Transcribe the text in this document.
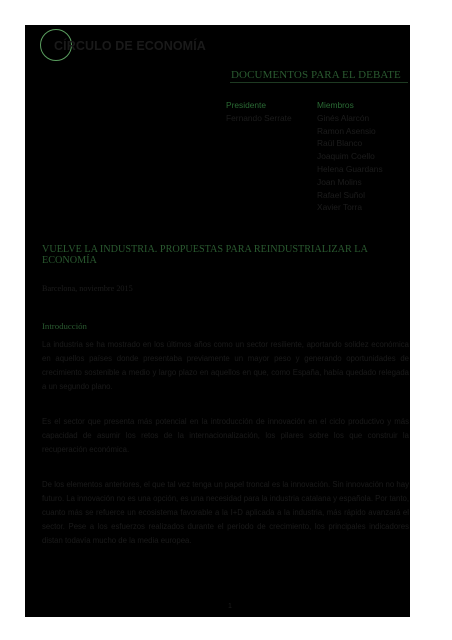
CÍRCULO DE ECONOMÍA
DOCUMENTOS PARA EL DEBATE
Presidente
Fernando Serrate
Miembros
Ginés Alarcón
Ramon Asensio
Raül Blanco
Joaquim Coello
Helena Guardans
Joan Molins
Rafael Suñol
Xavier Torra
VUELVE LA INDUSTRIA. PROPUESTAS PARA REINDUSTRIALIZAR LA ECONOMÍA
Barcelona, noviembre 2015
Introducción

La industria se ha mostrado en los últimos años como un sector resiliente, aportando solidez económica en aquellos países donde presentaba previamente un mayor peso y generando oportunidades de crecimiento sostenible a medio y largo plazo en aquellos en que, como España, había quedado relegada a un segundo plano.

Es el sector que presenta más potencial en la introducción de innovación en el ciclo productivo y más capacidad de asumir los retos de la internacionalización, los pilares sobre los que construir la recuperación económica.

De los elementos anteriores, el que tal vez tenga un papel troncal es la innovación. Sin innovación no hay futuro. La innovación no es una opción, es una necesidad para la industria catalana y española. Por tanto, cuanto más se refuerce un ecosistema favorable a la I+D aplicada a la industria, más rápido avanzará el sector. Pese a los esfuerzos realizados durante el período de crecimiento, los principales indicadores distan todavía mucho de la media europea.

1
